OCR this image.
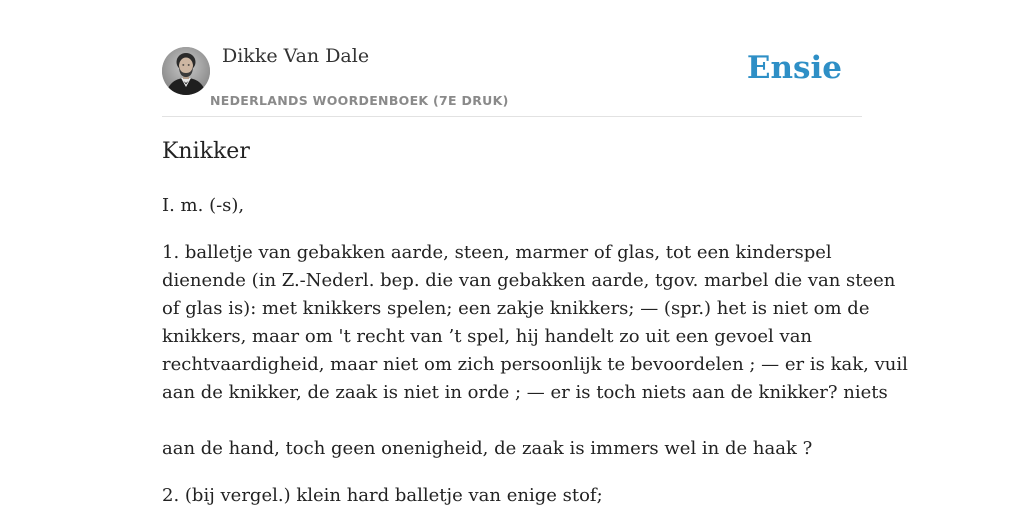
Dikke Van Dale
NEDERLANDS WOORDENBOEK (7E DRUK)
Ensie
Knikker

I. m. (-s),

1. balletje van gebakken aarde, steen, marmer of glas, tot een kinderspel
dienende (in Z.-Nederl. bep. die van gebakken aarde, tgov. marbel die van steen
of glas is): met knikkers spelen; een zakje knikkers; — (spr.) het is niet om de
knikkers, maar om 't recht van ’t spel, hij handelt zo uit een gevoel van
rechtvaardigheid, maar niet om zich persoonlijk te bevoordelen ; — er is kak, vuil
aan de knikker, de zaak is niet in orde ; — er is toch niets aan de knikker? niets

aan de hand, toch geen onenigheid, de zaak is immers wel in de haak ?

2. (bij vergel.) klein hard balletje van enige stof;
